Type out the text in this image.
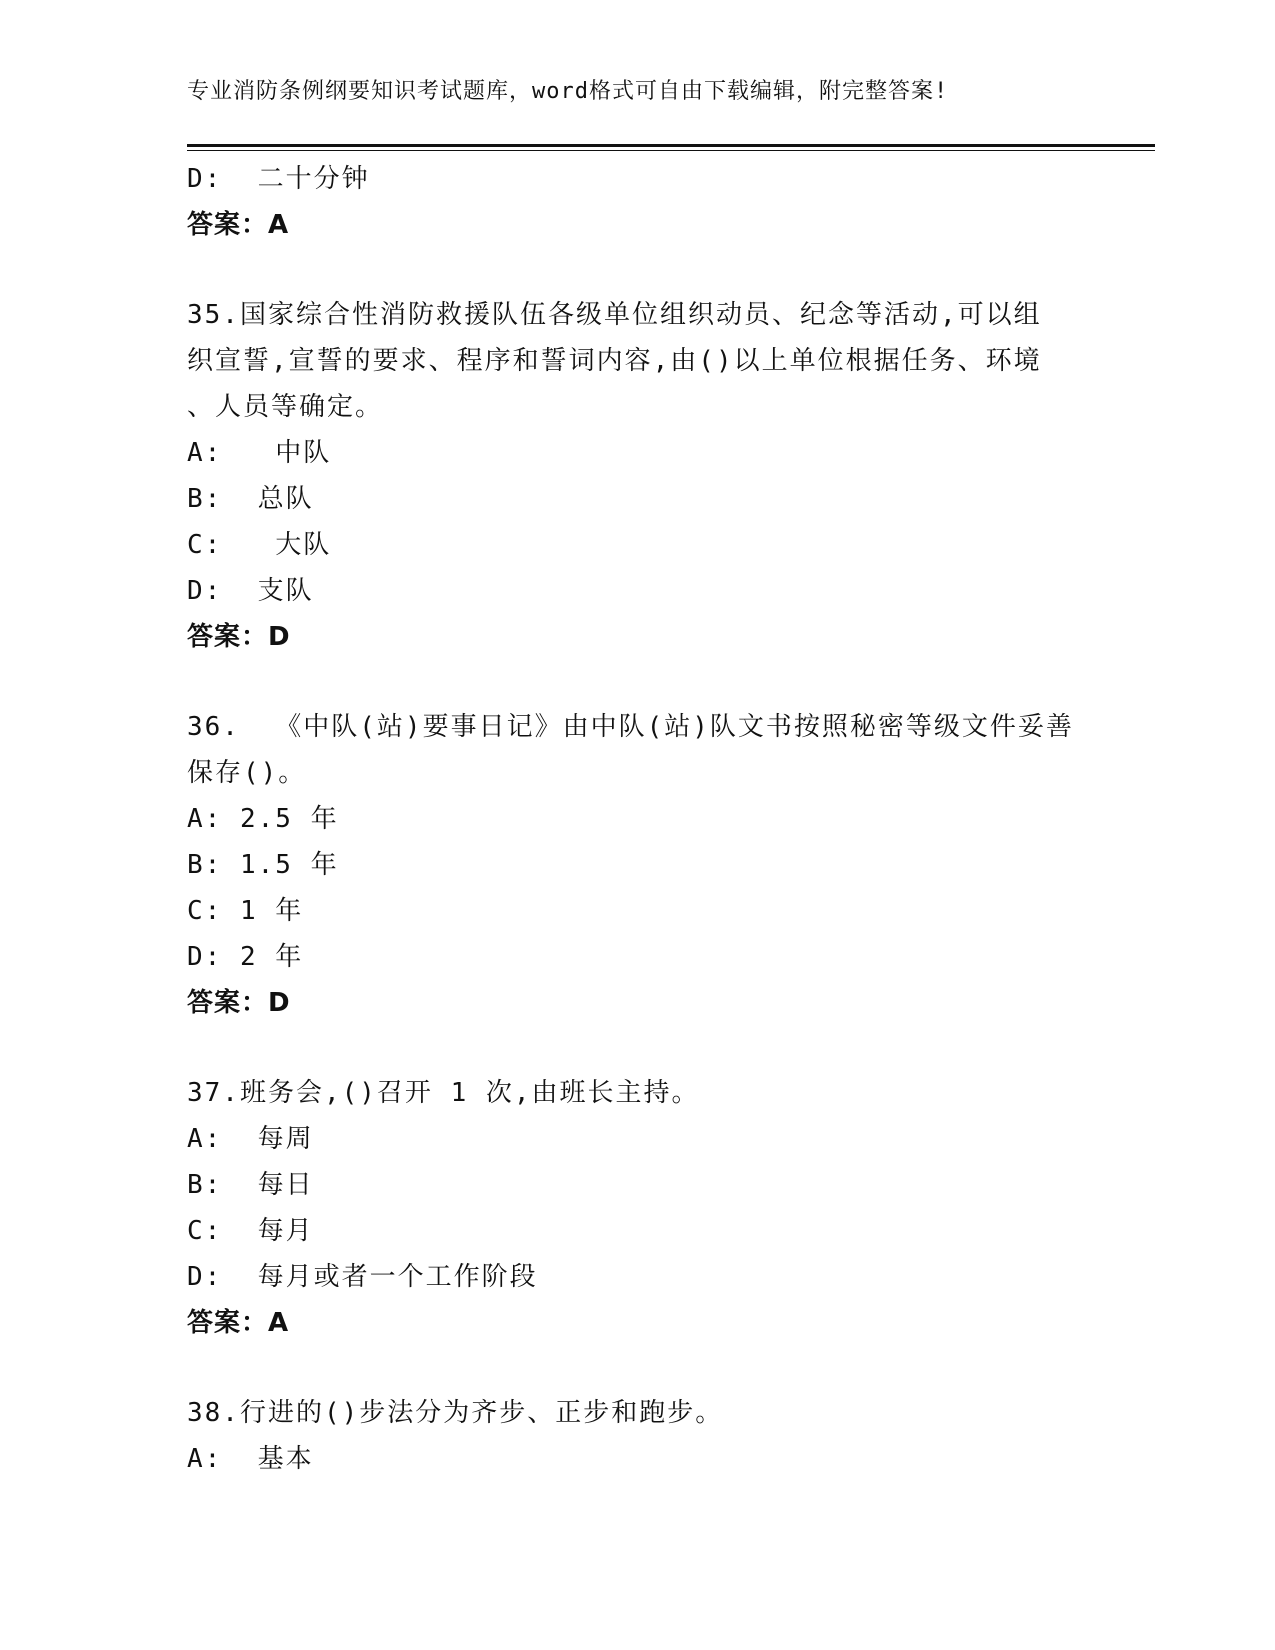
专业消防条例纲要知识考试题库，word格式可自由下载编辑，附完整答案!
D:  二十分钟
答案：A
35.国家综合性消防救援队伍各级单位组织动员、纪念等活动,可以组
织宣誓,宣誓的要求、程序和誓词内容,由()以上单位根据任务、环境
、人员等确定。
A:   中队
B:  总队
C:   大队
D:  支队
答案：D
36.  《中队(站)要事日记》由中队(站)队文书按照秘密等级文件妥善
保存()。
A: 2.5 年
B: 1.5 年
C: 1 年
D: 2 年
答案：D
37.班务会,()召开 1 次,由班长主持。
A:  每周
B:  每日
C:  每月
D:  每月或者一个工作阶段
答案：A
38.行进的()步法分为齐步、正步和跑步。
A:  基本
